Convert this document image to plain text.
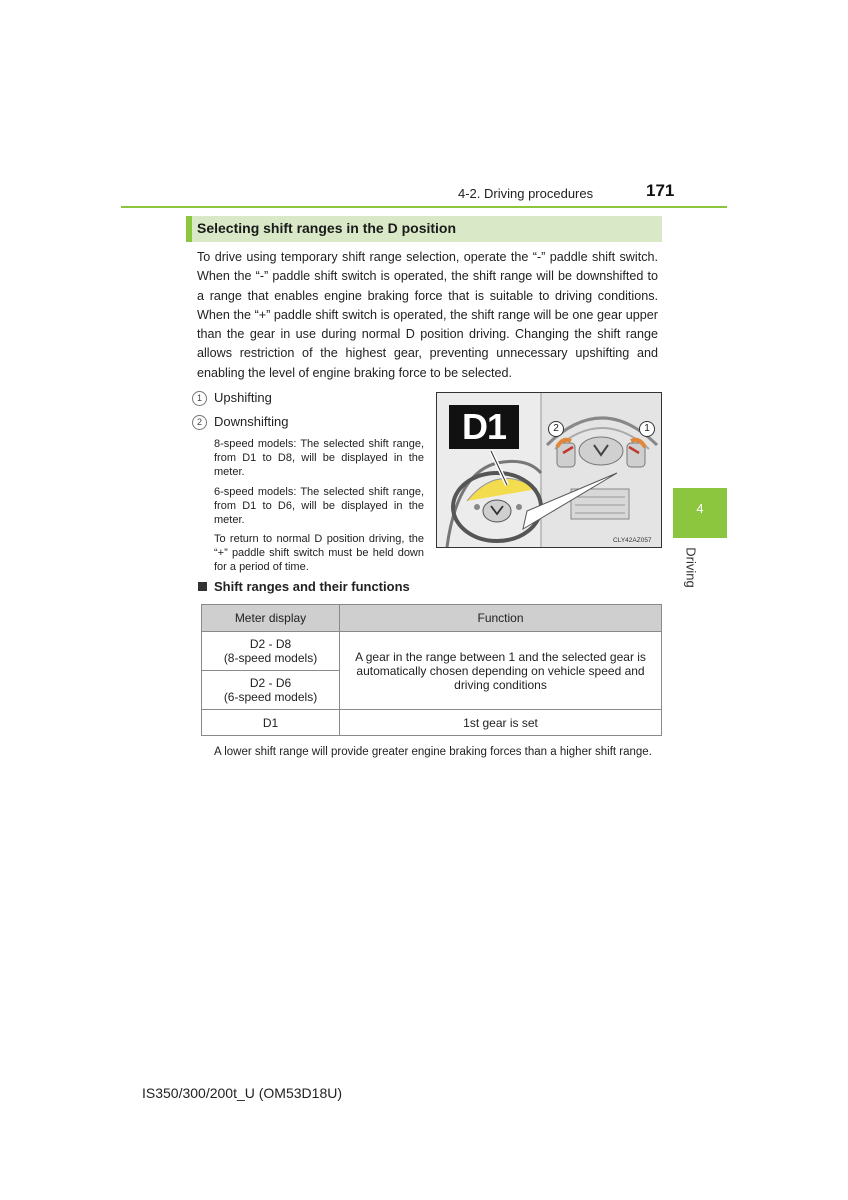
4-2. Driving procedures	171
Selecting shift ranges in the D position

To drive using temporary shift range selection, operate the “-” paddle shift switch. When the “-” paddle shift switch is operated, the shift range will be downshifted to a range that enables engine braking force that is suitable to driving conditions. When the “+” paddle shift switch is operated, the shift range will be one gear upper than the gear in use during normal D position driving. Changing the shift range allows restriction of the highest gear, preventing unnecessary upshifting and enabling the level of engine braking force to be selected.

1 Upshifting
2 Downshifting

8-speed models: The selected shift range, from D1 to D8, will be displayed in the meter.

6-speed models: The selected shift range, from D1 to D6, will be displayed in the meter.

To return to normal D position driving, the “+” paddle shift switch must be held down for a period of time.

D1	2	1
CLY42AZ057
Shift ranges and their functions
Meter display	Function

D2 - D8
(8-speed models)	A gear in the range between 1 and the selected gear is automatically chosen depending on vehicle speed and driving conditions

D2 - D6
(6-speed models)	

D1	1st gear is set

A lower shift range will provide greater engine braking forces than a higher shift range.

4
Driving
IS350/300/200t_U (OM53D18U)
